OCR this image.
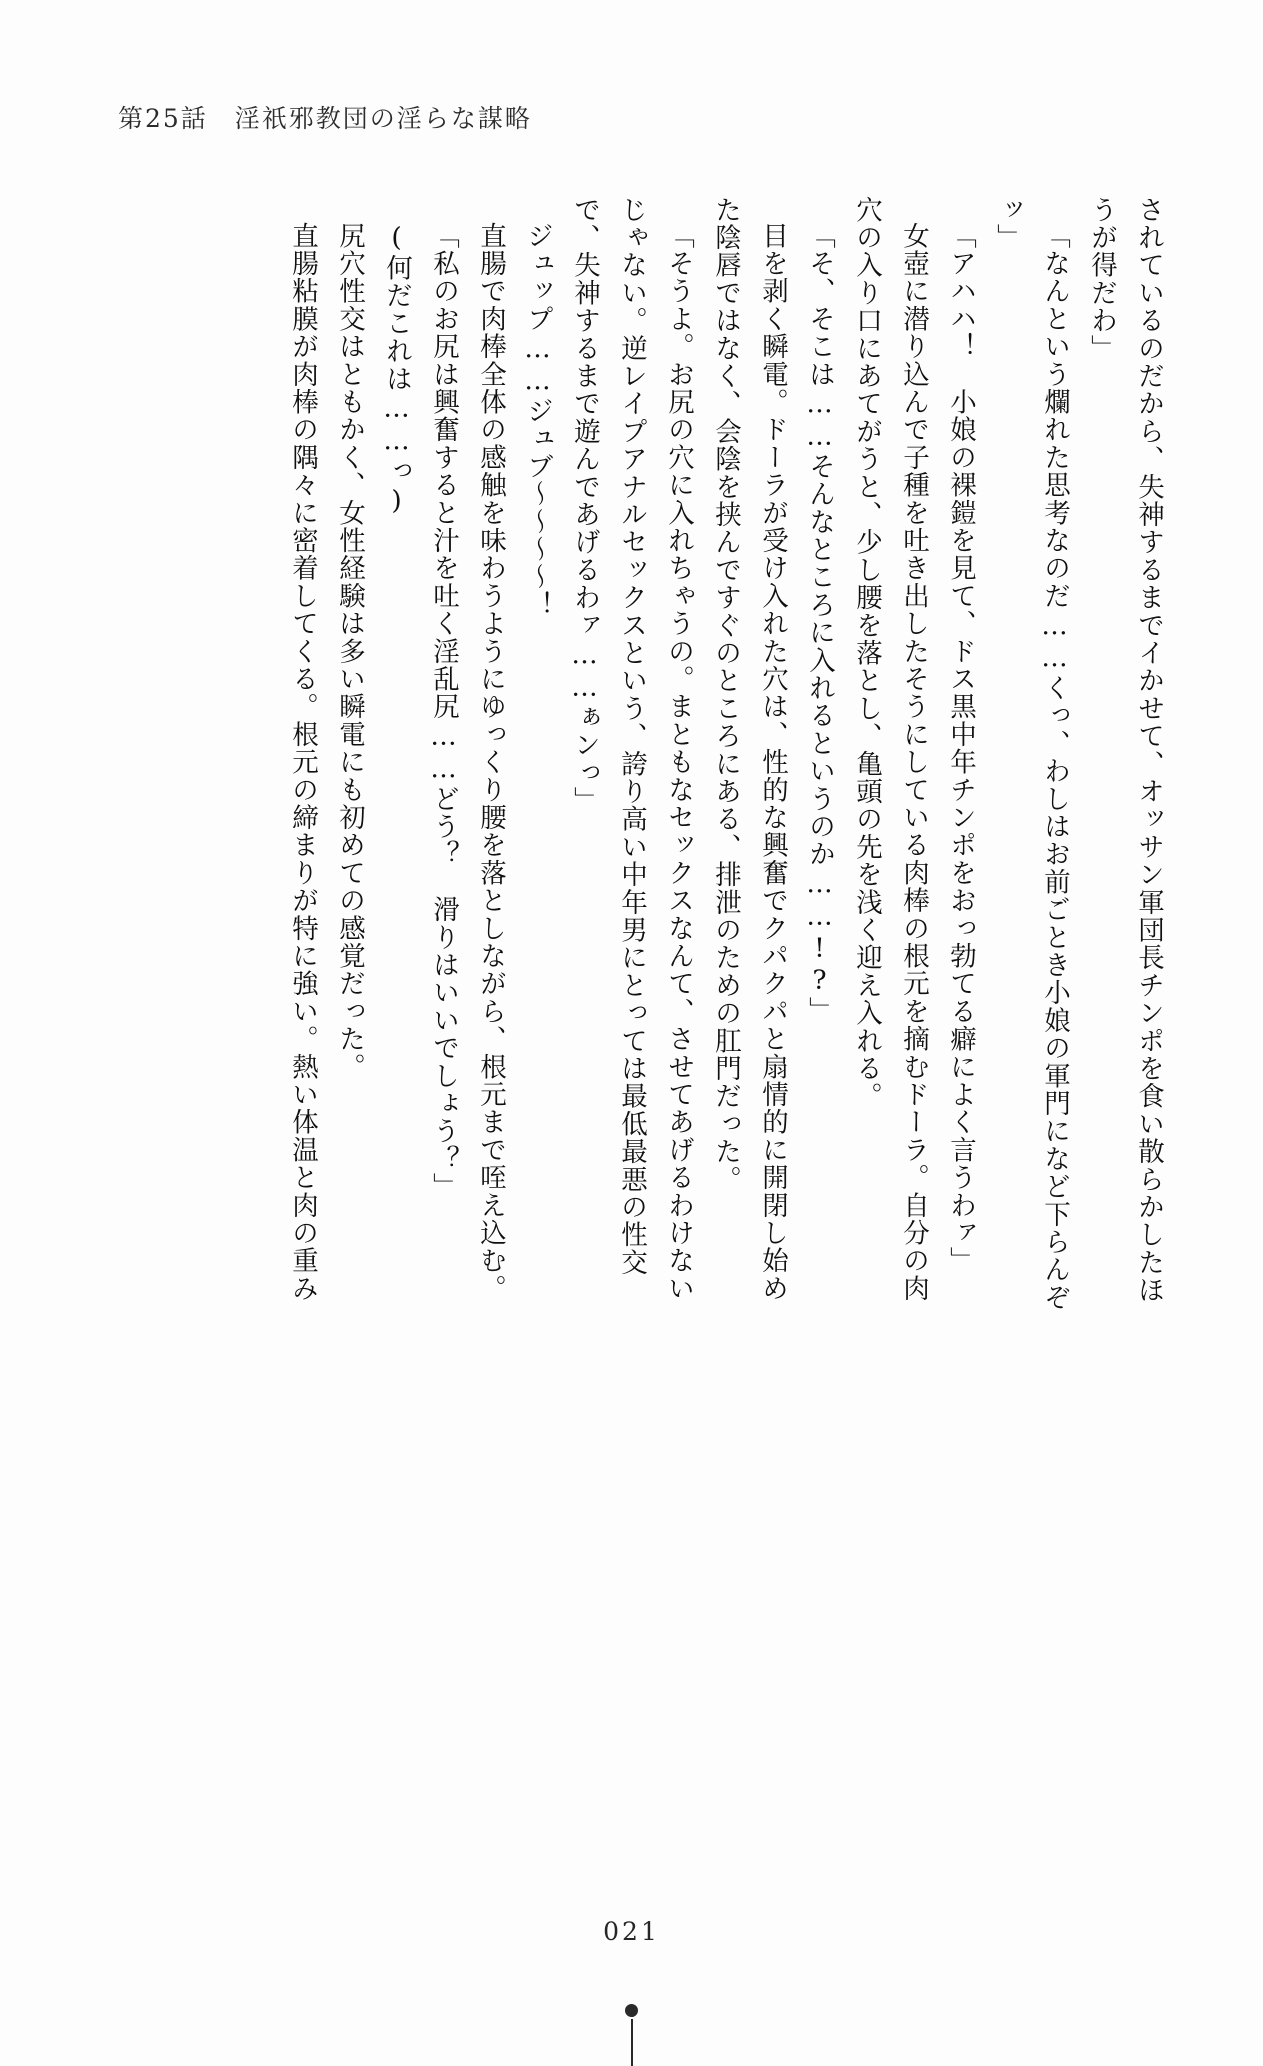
第25話　淫祇邪教団の淫らな謀略

されているのだから、失神するまでイかせて、オッサン軍団長チンポを食い散らかしたほうが得だわ」

「なんという爛れた思考なのだ……くっ、わしはお前ごとき小娘の軍門になど下らんぞッ」

「アハハ！　小娘の裸鎧を見て、ドス黒中年チンポをおっ勃てる癖によく言うわァ」

女壺に潜り込んで子種を吐き出したそうにしている肉棒の根元を摘むドーラ。自分の肉穴の入り口にあてがうと、少し腰を落とし、亀頭の先を浅く迎え入れる。

「そ、そこは……そんなところに入れるというのか……!?」

目を剥く瞬電。ドーラが受け入れた穴は、性的な興奮でクパクパと扇情的に開閉し始めた陰唇ではなく、会陰を挟んですぐのところにある、排泄のための肛門だった。

「そうよ。お尻の穴に入れちゃうの。まともなセックスなんて、させてあげるわけないじゃない。逆レイプアナルセックスという、誇り高い中年男にとっては最低最悪の性交で、失神するまで遊んであげるわァ……ぁンっ」

ジュップ……ジュブ〜〜〜〜！

直腸で肉棒全体の感触を味わうようにゆっくり腰を落としながら、根元まで咥え込む。

「私のお尻は興奮すると汁を吐く淫乱尻……どう？　滑りはいいでしょう？」

(何だこれは……っ)

尻穴性交はともかく、女性経験は多い瞬電にも初めての感覚だった。

直腸粘膜が肉棒の隅々に密着してくる。根元の締まりが特に強い。熱い体温と肉の重み

021
